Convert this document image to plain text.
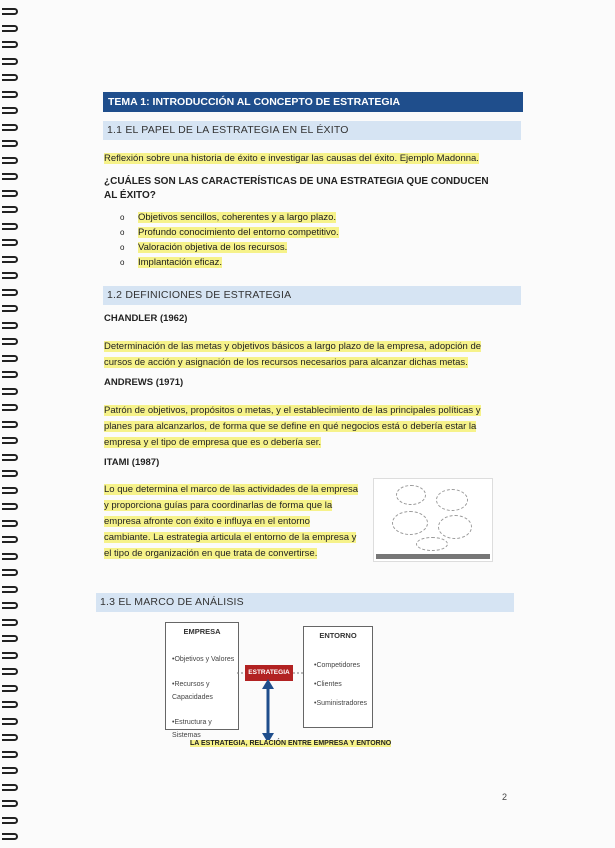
TEMA 1: INTRODUCCIÓN AL CONCEPTO DE ESTRATEGIA
1.1 EL PAPEL DE LA ESTRATEGIA EN EL ÉXITO
Reflexión sobre una historia de éxito e investigar las causas del éxito. Ejemplo Madonna.
¿CUÁLES SON LAS CARACTERÍSTICAS DE UNA ESTRATEGIA QUE CONDUCEN AL ÉXITO?
o Objetivos sencillos, coherentes y a largo plazo.
o Profundo conocimiento del entorno competitivo.
o Valoración objetiva de los recursos.
o Implantación eficaz.
1.2 DEFINICIONES DE ESTRATEGIA
CHANDLER (1962)
Determinación de las metas y objetivos básicos a largo plazo de la empresa, adopción de
cursos de acción y asignación de los recursos necesarios para alcanzar dichas metas.
ANDREWS (1971)
Patrón de objetivos, propósitos o metas, y el establecimiento de las principales políticas y
planes para alcanzarlos, de forma que se define en qué negocios está o debería estar la
empresa y el tipo de empresa que es o debería ser.
ITAMI (1987)
Lo que determina el marco de las actividades de la empresa
y proporciona guías para coordinarlas de forma que la
empresa afronte con éxito e influya en el entorno
cambiante. La estrategia articula el entorno de la empresa y
el tipo de organización en que trata de convertirse.
1.3 EL MARCO DE ANÁLISIS
EMPRESA
•Objetivos y Valores
•Recursos y Capacidades
•Estructura y Sistemas
ESTRATEGIA
ENTORNO
•Competidores
•Clientes
•Suministradores
LA ESTRATEGIA, RELACIÓN ENTRE EMPRESA Y ENTORNO
2
